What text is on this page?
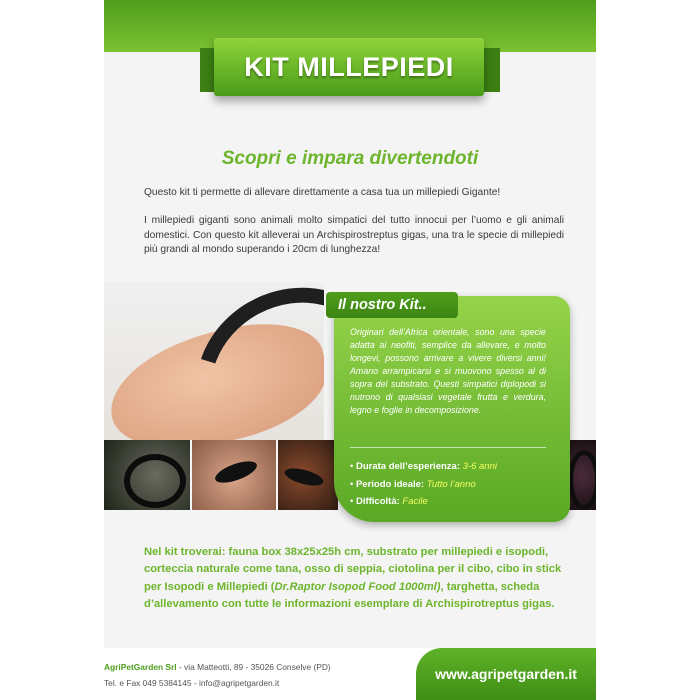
KIT MILLEPIEDI
Scopri e impara divertendoti

Questo kit ti permette di allevare direttamente a casa tua un millepiedi Gigante!

I millepiedi giganti sono animali molto simpatici del tutto innocui per l’uomo e gli animali domestici. Con questo kit alleverai un Archispirostreptus gigas, una tra le specie di millepiedi più grandi al mondo superando i 20cm di lunghezza!

Il nostro Kit..

Originari dell’Africa orientale, sono una specie adatta ai neofiti, semplice da allevare, e molto longevi, possono arrivare a vivere diversi anni! Amano arrampicarsi e si muovono spesso al di sopra del substrato. Questi simpatici diplopodi si nutrono di qualsiasi vegetale frutta e verdura, legno e foglie in decomposizione.

• Durata dell’esperienza: 3-6 anni
• Periodo ideale: Tutto l’anno
• Difficoltà: Facile

Nel kit troverai: fauna box 38x25x25h cm, substrato per millepiedi e isopodi, corteccia naturale come tana, osso di seppia, ciotolina per il cibo, cibo in stick per Isopodi e Millepiedi (Dr.Raptor Isopod Food 1000ml), targhetta, scheda d’allevamento con tutte le informazioni esemplare di Archispirotreptus gigas.

AgriPetGarden Srl - via Matteotti, 89 - 35026 Conselve (PD)
Tel. e Fax 049 5384145 - info@agripetgarden.it
www.agripetgarden.it
